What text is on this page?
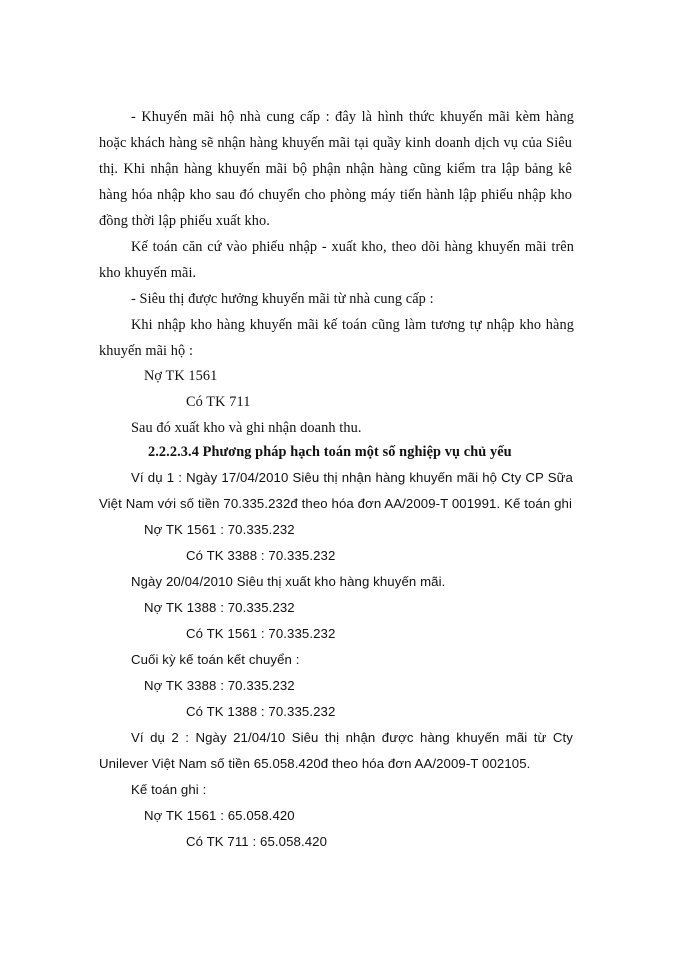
- Khuyến mãi hộ nhà cung cấp : đây là hình thức khuyến mãi kèm hàng
hoặc khách hàng sẽ nhận hàng khuyến mãi tại quầy kinh doanh dịch vụ của Siêu
thị. Khi nhận hàng khuyến mãi bộ phận nhận hàng cũng kiểm tra lập bảng kê
hàng hóa nhập kho sau đó chuyển cho phòng máy tiến hành lập phiếu nhập kho
đồng thời lập phiếu xuất kho.
Kế toán căn cứ vào phiếu nhập - xuất kho, theo dõi hàng khuyến mãi trên
kho khuyến mãi.
- Siêu thị được hưởng khuyến mãi từ nhà cung cấp :
Khi nhập kho hàng khuyến mãi kế toán cũng làm tương tự nhập kho hàng
khuyến mãi hộ :
Nợ TK 1561
Có TK 711
Sau đó xuất kho và ghi nhận doanh thu.
2.2.2.3.4 Phương pháp hạch toán một số nghiệp vụ chủ yếu
Ví dụ 1 : Ngày 17/04/2010 Siêu thị nhận hàng khuyến mãi hộ Cty CP Sữa
Việt Nam với số tiền 70.335.232đ theo hóa đơn AA/2009-T 001991. Kế toán ghi
Nợ TK 1561 : 70.335.232
Có TK 3388 : 70.335.232
Ngày 20/04/2010 Siêu thị xuất kho hàng khuyến mãi.
Nợ TK 1388 : 70.335.232
Có TK 1561 : 70.335.232
Cuối kỳ kế toán kết chuyển :
Nợ TK 3388 : 70.335.232
Có TK 1388 : 70.335.232
Ví dụ 2 : Ngày 21/04/10 Siêu thị nhận được hàng khuyến mãi từ Cty
Unilever Việt Nam số tiền 65.058.420đ theo hóa đơn AA/2009-T 002105.
Kế toán ghi :
Nợ TK 1561 : 65.058.420
Có TK 711 : 65.058.420
